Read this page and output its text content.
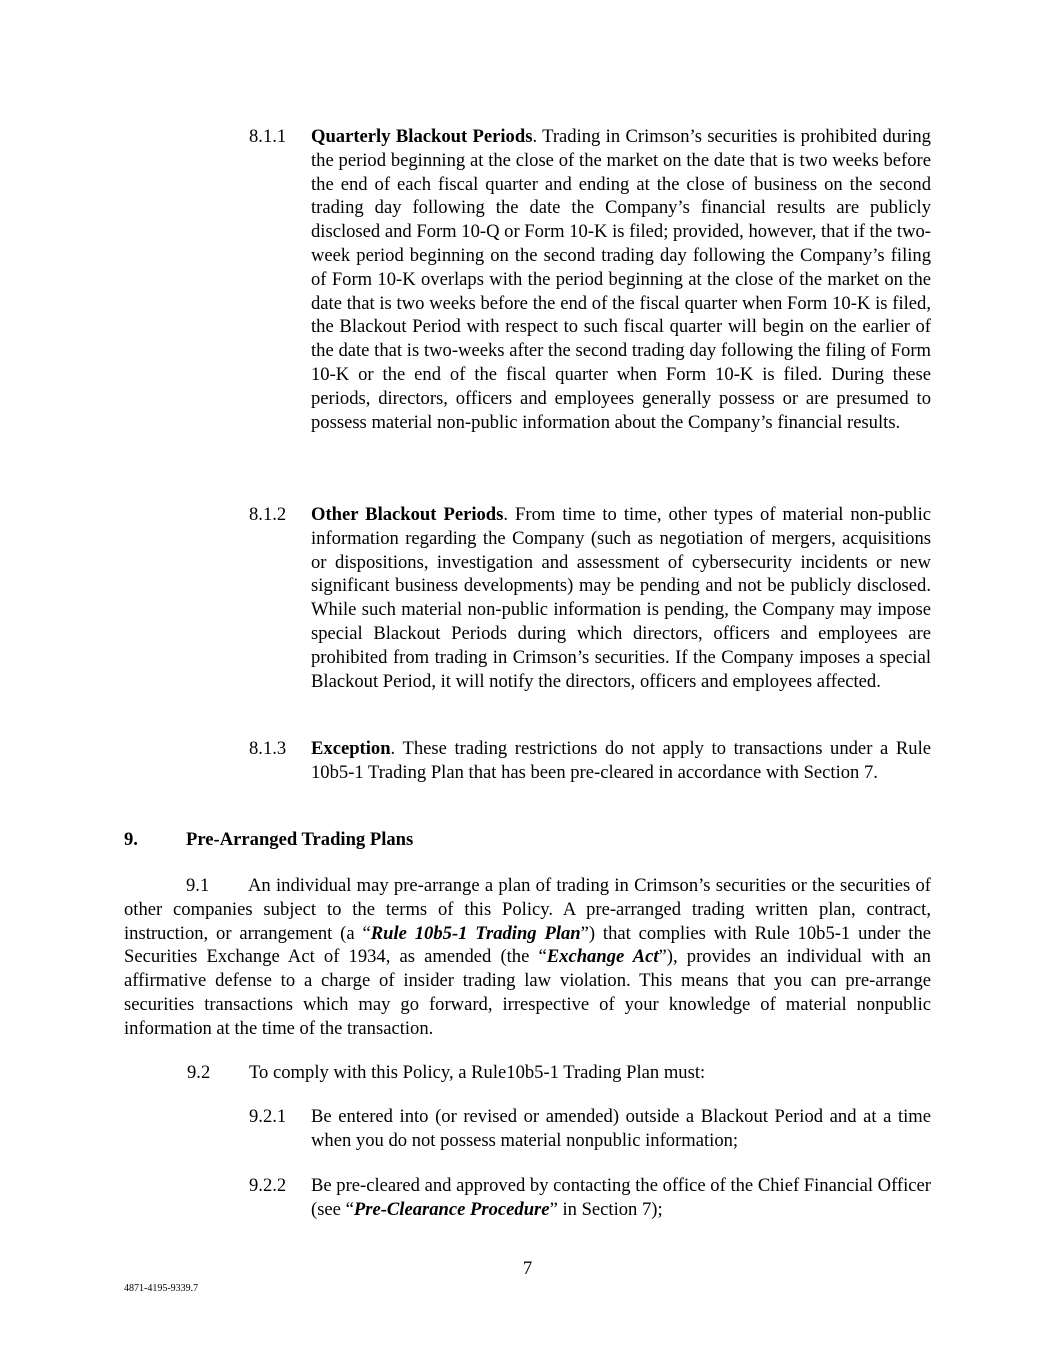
8.1.1	Quarterly Blackout Periods. Trading in Crimson’s securities is prohibited during the period beginning at the close of the market on the date that is two weeks before the end of each fiscal quarter and ending at the close of business on the second trading day following the date the Company’s financial results are publicly disclosed and Form 10-Q or Form 10-K is filed; provided, however, that if the two-week period beginning on the second trading day following the Company’s filing of Form 10-K overlaps with the period beginning at the close of the market on the date that is two weeks before the end of the fiscal quarter when Form 10-K is filed, the Blackout Period with respect to such fiscal quarter will begin on the earlier of the date that is two-weeks after the second trading day following the filing of Form 10-K or the end of the fiscal quarter when Form 10-K is filed. During these periods, directors, officers and employees generally possess or are presumed to possess material non-public information about the Company’s financial results.
8.1.2	Other Blackout Periods. From time to time, other types of material non-public information regarding the Company (such as negotiation of mergers, acquisitions or dispositions, investigation and assessment of cybersecurity incidents or new significant business developments) may be pending and not be publicly disclosed. While such material non-public information is pending, the Company may impose special Blackout Periods during which directors, officers and employees are prohibited from trading in Crimson’s securities. If the Company imposes a special Blackout Period, it will notify the directors, officers and employees affected.
8.1.3	Exception. These trading restrictions do not apply to transactions under a Rule 10b5-1 Trading Plan that has been pre-cleared in accordance with Section 7.
9.	Pre-Arranged Trading Plans
9.1 An individual may pre-arrange a plan of trading in Crimson’s securities or the securities of other companies subject to the terms of this Policy. A pre-arranged trading written plan, contract, instruction, or arrangement (a “Rule 10b5-1 Trading Plan”) that complies with Rule 10b5-1 under the Securities Exchange Act of 1934, as amended (the “Exchange Act”), provides an individual with an affirmative defense to a charge of insider trading law violation. This means that you can pre-arrange securities transactions which may go forward, irrespective of your knowledge of material nonpublic information at the time of the transaction.
9.2 To comply with this Policy, a Rule10b5-1 Trading Plan must:
9.2.1	Be entered into (or revised or amended) outside a Blackout Period and at a time when you do not possess material nonpublic information;
9.2.2	Be pre-cleared and approved by contacting the office of the Chief Financial Officer (see “Pre-Clearance Procedure” in Section 7);
7
4871-4195-9339.7
